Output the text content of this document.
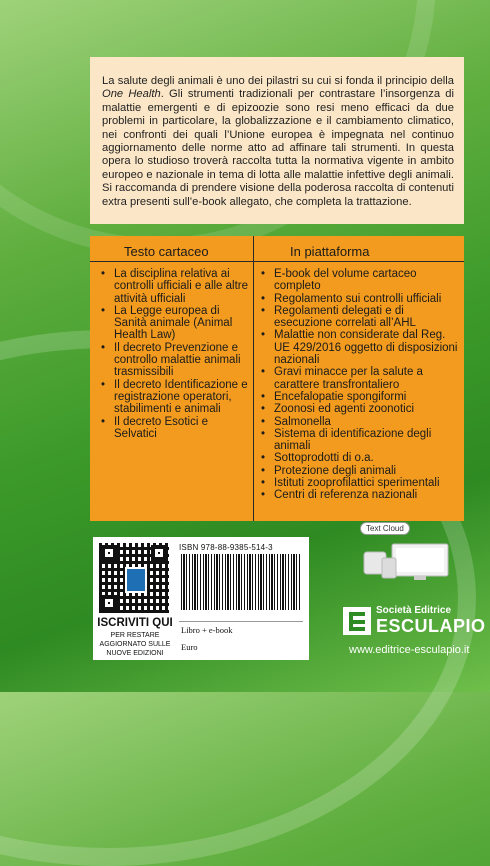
La salute degli animali è uno dei pilastri su cui si fonda il principio della One Health. Gli strumenti tradizionali per contrastare l’insorgenza di malattie emergenti e di epizoozie sono resi meno efficaci da due problemi in particolare, la globalizzazione e il cambiamento climatico, nei confronti dei quali l’Unione europea è impegnata nel continuo aggiornamento delle norme atto ad affinare tali strumenti. In questa opera lo studioso troverà raccolta tutta la normativa vigente in ambito europeo e nazionale in tema di lotta alle malattie infettive degli animali. Si raccomanda di prendere visione della poderosa raccolta di contenuti extra presenti sull’e-book allegato, che completa la trattazione.
Testo cartaceo	In piattaforma
• La disciplina relativa ai controlli ufficiali e alle altre attività ufficiali
• La Legge europea di Sanità animale (Animal Health Law)
• Il decreto Prevenzione e controllo malattie animali trasmissibili
• Il decreto Identificazione e registrazione operatori, stabilimenti e animali
• Il decreto Esotici e Selvatici
• E-book del volume cartaceo completo
• Regolamento sui controlli ufficiali
• Regolamenti delegati e di esecuzione correlati all’AHL
• Malattie non considerate dal Reg. UE 429/2016 oggetto di disposizioni nazionali
• Gravi minacce per la salute a carattere transfrontaliero
• Encefalopatie spongiformi
• Zoonosi ed agenti zoonotici
• Salmonella
• Sistema di identificazione degli animali
• Sottoprodotti di o.a.
• Protezione degli animali
• Istituti zooprofilattici sperimentali
• Centri di referenza nazionali
Text Cloud
ISCRIVITI QUI
PER RESTARE AGGIORNATO SULLE NUOVE EDIZIONI
ISBN 978-88-9385-514-3
Libro + e-book
Euro
Società Editrice
ESCULAPIO
www.editrice-esculapio.it
